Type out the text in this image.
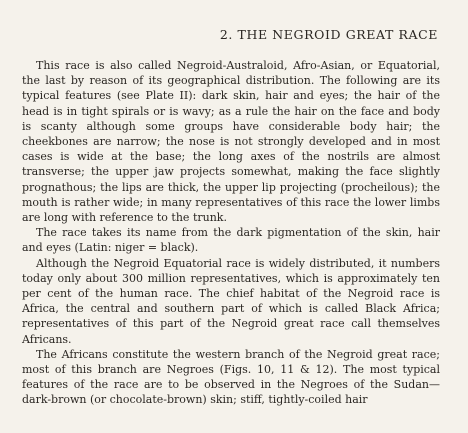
2. THE NEGROID GREAT RACE

This race is also called Negroid-Australoid, Afro-Asian, or Equatorial, the last by reason of its geographical distribution. The following are its typical features (see Plate II): dark skin, hair and eyes; the hair of the head is in tight spirals or is wavy; as a rule the hair on the face and body is scanty although some groups have considerable body hair; the cheekbones are narrow; the nose is not strongly developed and in most cases is wide at the base; the long axes of the nostrils are almost transverse; the upper jaw projects somewhat, making the face slightly prognathous; the lips are thick, the upper lip projecting (procheilous); the mouth is rather wide; in many representatives of this race the lower limbs are long with reference to the trunk.

The race takes its name from the dark pigmentation of the skin, hair and eyes (Latin: niger = black).

Although the Negroid Equatorial race is widely distributed, it numbers today only about 300 million representatives, which is approximately ten per cent of the human race. The chief habitat of the Negroid race is Africa, the central and southern part of which is called Black Africa; representatives of this part of the Negroid great race call themselves Africans.

The Africans constitute the western branch of the Negroid great race; most of this branch are Negroes (Figs. 10, 11 & 12). The most typical features of the race are to be observed in the Negroes of the Sudan—dark-brown (or chocolate-brown) skin; stiff, tightly-coiled hair
